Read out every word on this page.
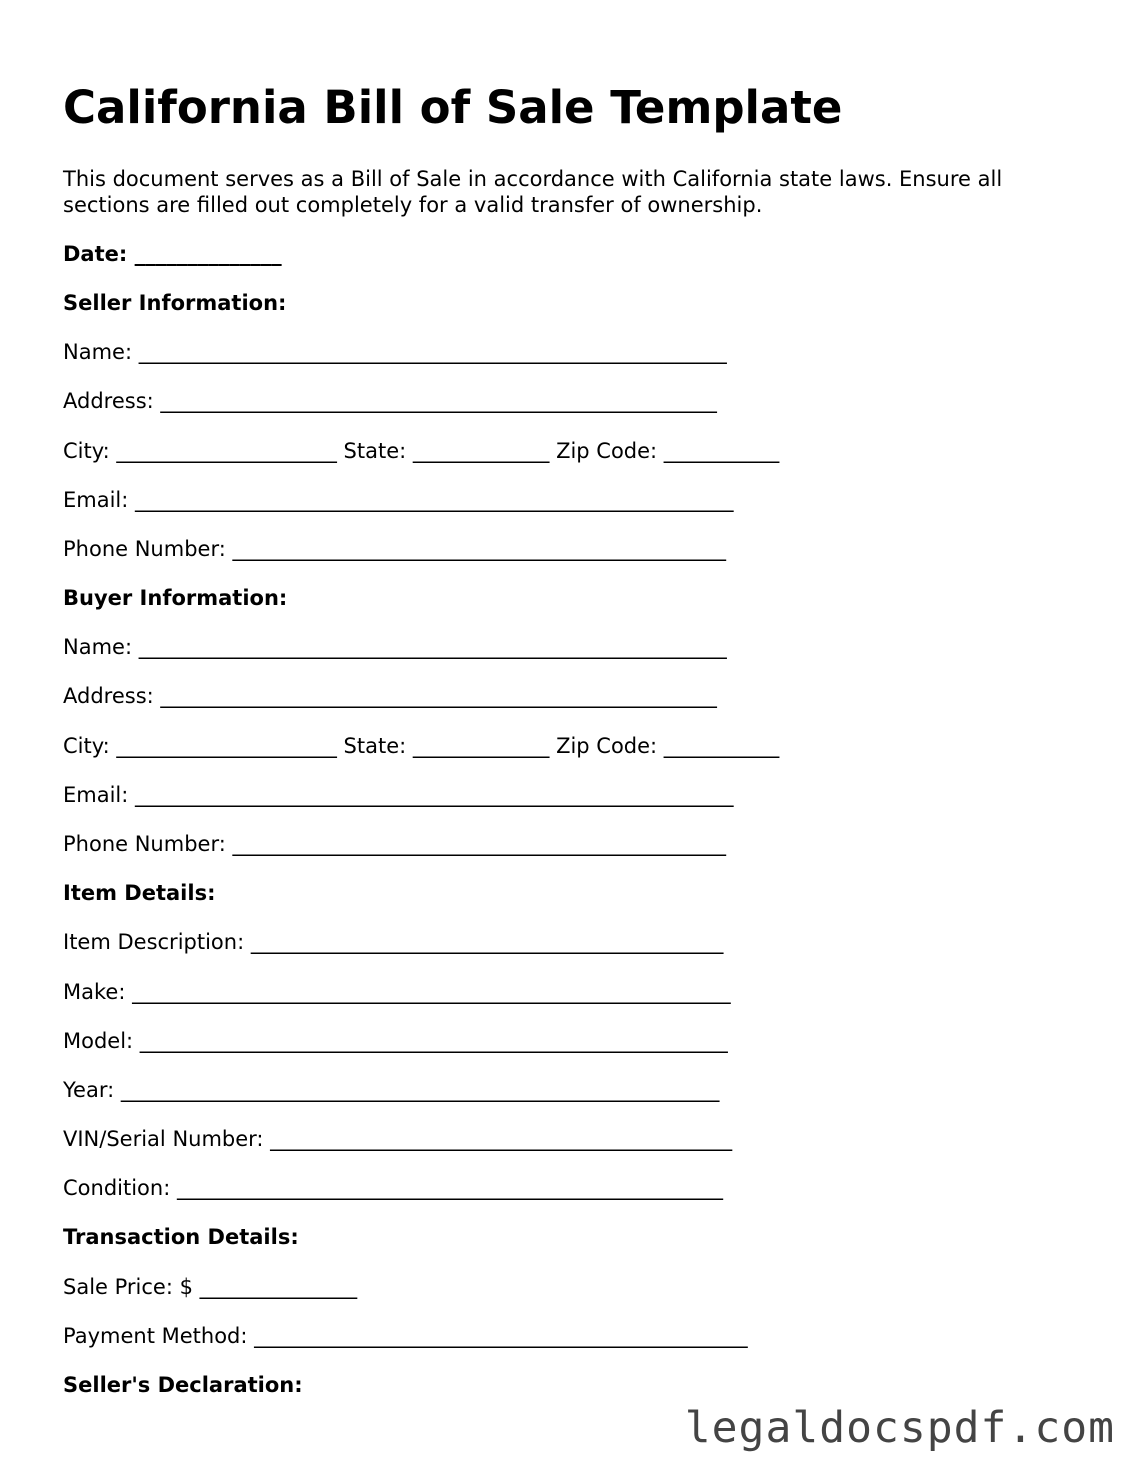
California Bill of Sale Template

This document serves as a Bill of Sale in accordance with California state laws. Ensure all sections are filled out completely for a valid transfer of ownership.

Date: ______________

Seller Information:

Name: ________________________________________________________

Address: _____________________________________________________

City: _____________________ State: _____________ Zip Code: ___________

Email: _________________________________________________________

Phone Number: _______________________________________________

Buyer Information:

Name: ________________________________________________________

Address: _____________________________________________________

City: _____________________ State: _____________ Zip Code: ___________

Email: _________________________________________________________

Phone Number: _______________________________________________

Item Details:

Item Description: _____________________________________________

Make: _________________________________________________________

Model: ________________________________________________________

Year: _________________________________________________________

VIN/Serial Number: ____________________________________________

Condition: ____________________________________________________

Transaction Details:

Sale Price: $ _______________

Payment Method: _______________________________________________

Seller's Declaration:

legaldocspdf.com
